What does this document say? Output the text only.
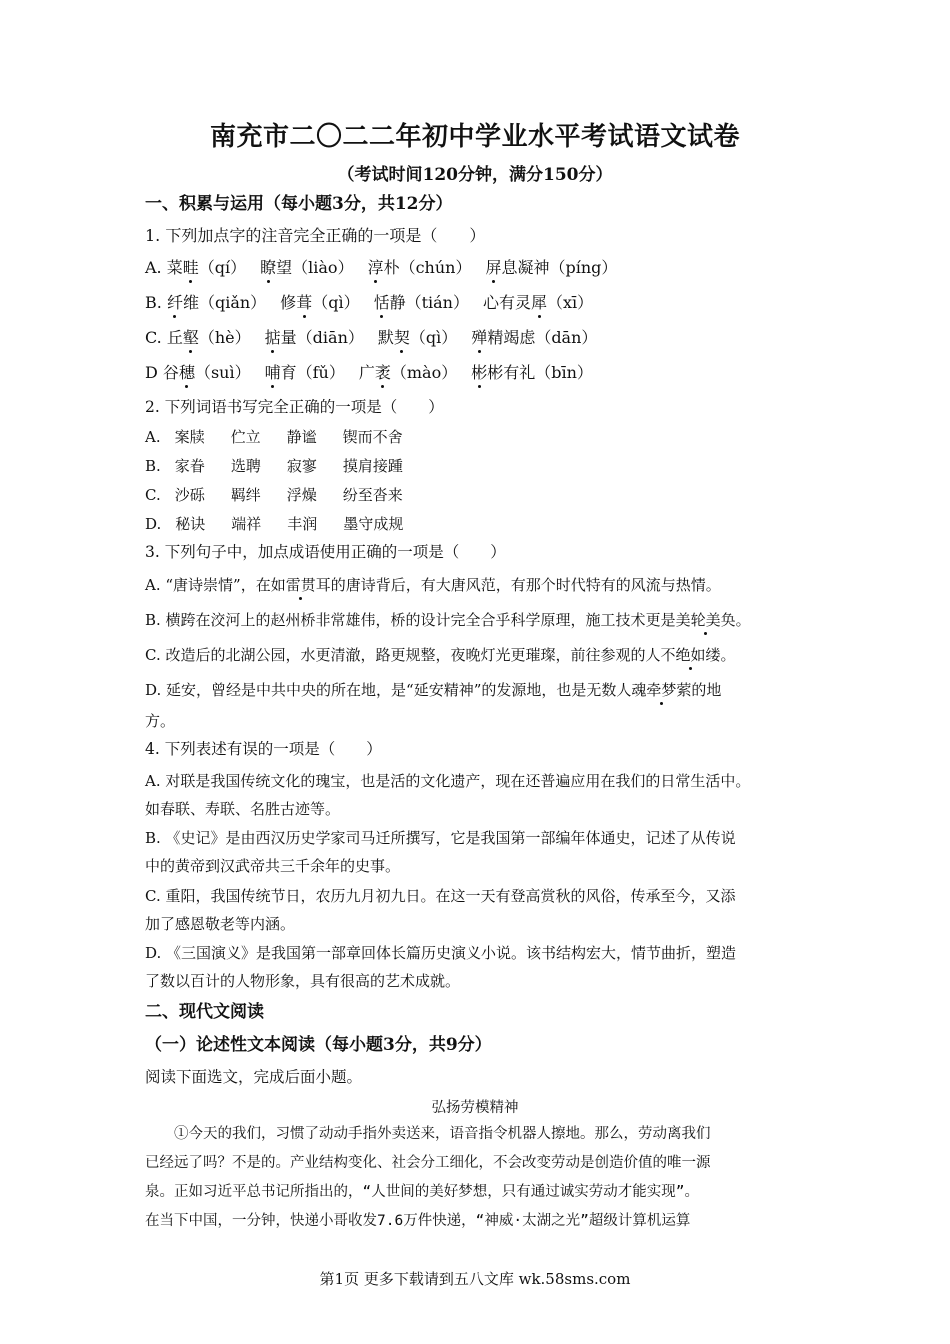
南充市二〇二二年初中学业水平考试语文试卷
（考试时间120分钟，满分150分）
一、积累与运用（每小题3分，共12分）
1. 下列加点字的注音完全正确的一项是（　　）
A. 菜畦（qí） 瞭望（liào） 淳朴（chún） 屏息凝神（píng）
B. 纤维（qiǎn） 修葺（qì） 恬静（tián） 心有灵犀（xī）
C. 丘壑（hè） 掂量（diān） 默契（qì） 殚精竭虑（dān）
D 谷穗（suì） 哺育（fǔ） 广袤（mào） 彬彬有礼（bīn）
2. 下列词语书写完全正确的一项是（　　）
A. 案牍 伫立 静谧 锲而不舍
B. 家眷 选聘 寂寥 摸肩接踵
C. 沙砾 羁绊 浮燥 纷至沓来
D. 秘诀 端祥 丰润 墨守成规
3. 下列句子中，加点成语使用正确的一项是（　　）
A. “唐诗崇情”，在如雷贯耳的唐诗背后，有大唐风范，有那个时代特有的风流与热情。
B. 横跨在洨河上的赵州桥非常雄伟，桥的设计完全合乎科学原理，施工技术更是美轮美奂。
C. 改造后的北湖公园，水更清澈，路更规整，夜晚灯光更璀璨，前往参观的人不绝如缕。
D. 延安，曾经是中共中央的所在地，是“延安精神”的发源地，也是无数人魂牵梦萦的地
方。
4. 下列表述有误的一项是（　　）
A. 对联是我国传统文化的瑰宝，也是活的文化遗产，现在还普遍应用在我们的日常生活中。
如春联、寿联、名胜古迹等。
B. 《史记》是由西汉历史学家司马迁所撰写，它是我国第一部编年体通史，记述了从传说
中的黄帝到汉武帝共三千余年的史事。
C. 重阳，我国传统节日，农历九月初九日。在这一天有登高赏秋的风俗，传承至今，又添
加了感恩敬老等内涵。
D. 《三国演义》是我国第一部章回体长篇历史演义小说。该书结构宏大，情节曲折，塑造
了数以百计的人物形象，具有很高的艺术成就。
二、现代文阅读
（一）论述性文本阅读（每小题3分，共9分）
阅读下面选文，完成后面小题。
弘扬劳模精神
　　①今天的我们，习惯了动动手指外卖送来，语音指令机器人擦地。那么，劳动离我们
已经远了吗？不是的。产业结构变化、社会分工细化，不会改变劳动是创造价值的唯一源
泉。正如习近平总书记所指出的，“人世间的美好梦想，只有通过诚实劳动才能实现”。
在当下中国，一分钟，快递小哥收发7.6万件快递，“神威·太湖之光”超级计算机运算
第1页 更多下载请到五八文库 wk.58sms.com
